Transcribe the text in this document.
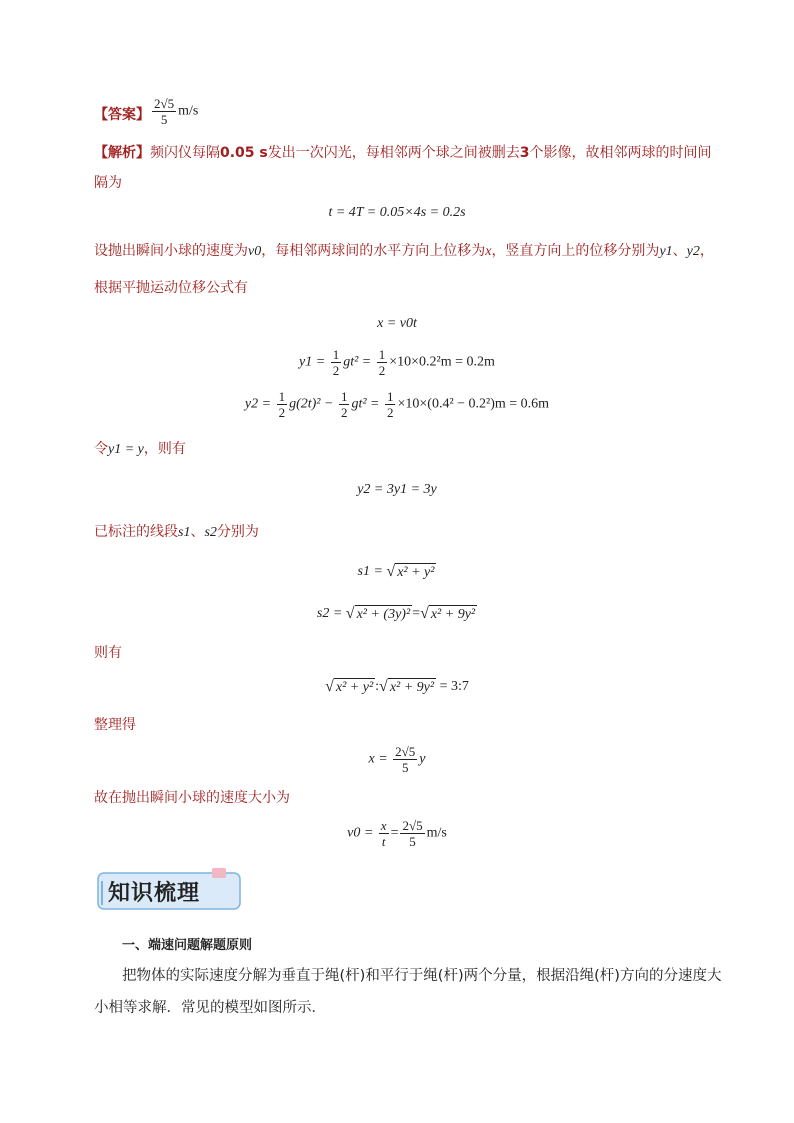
【答案】 $\frac{2√5}{5} m/s$
【解析】频闪仪每隔0.05 s发出一次闪光，每相邻两个球之间被删去3个影像，故相邻两球的时间间
隔为
t = 4T = 0.05×4s = 0.2s
设抛出瞬间小球的速度为v0，每相邻两球间的水平方向上位移为x，竖直方向上的位移分别为y1、y2，
根据平抛运动位移公式有
x = v0t
$y1 = \frac{1}{2} gt^2 = \frac{1}{2} \times 10\times 0.2^2m = 0.2m$
$y2 = \frac{1}{2} g(2t)^2 - \frac{1}{2} gt^2 = \frac{1}{2} \times 10\times(0.4^2 - 0.2^2)m = 0.6m$
令y1 = y，则有
y2 = 3y1 = 3y
已标注的线段s1、s2分别为
s1 = √ x² + y²
s2 = √ x² + (3y)² = √ x² + 9y²
则有
√ x² + y² : √ x² + 9y² = 3:7
整理得
$x = \frac{2√5}{5}$ y
故在抛出瞬间小球的速度大小为
$v0 = \frac{x}{t} = \frac{2√5}{5} m/s$
知识梳理
一、端速问题解题原则
把物体的实际速度分解为垂直于绳(杆)和平行于绳(杆)两个分量，根据沿绳(杆)方向的分速度大
小相等求解．常见的模型如图所示．
